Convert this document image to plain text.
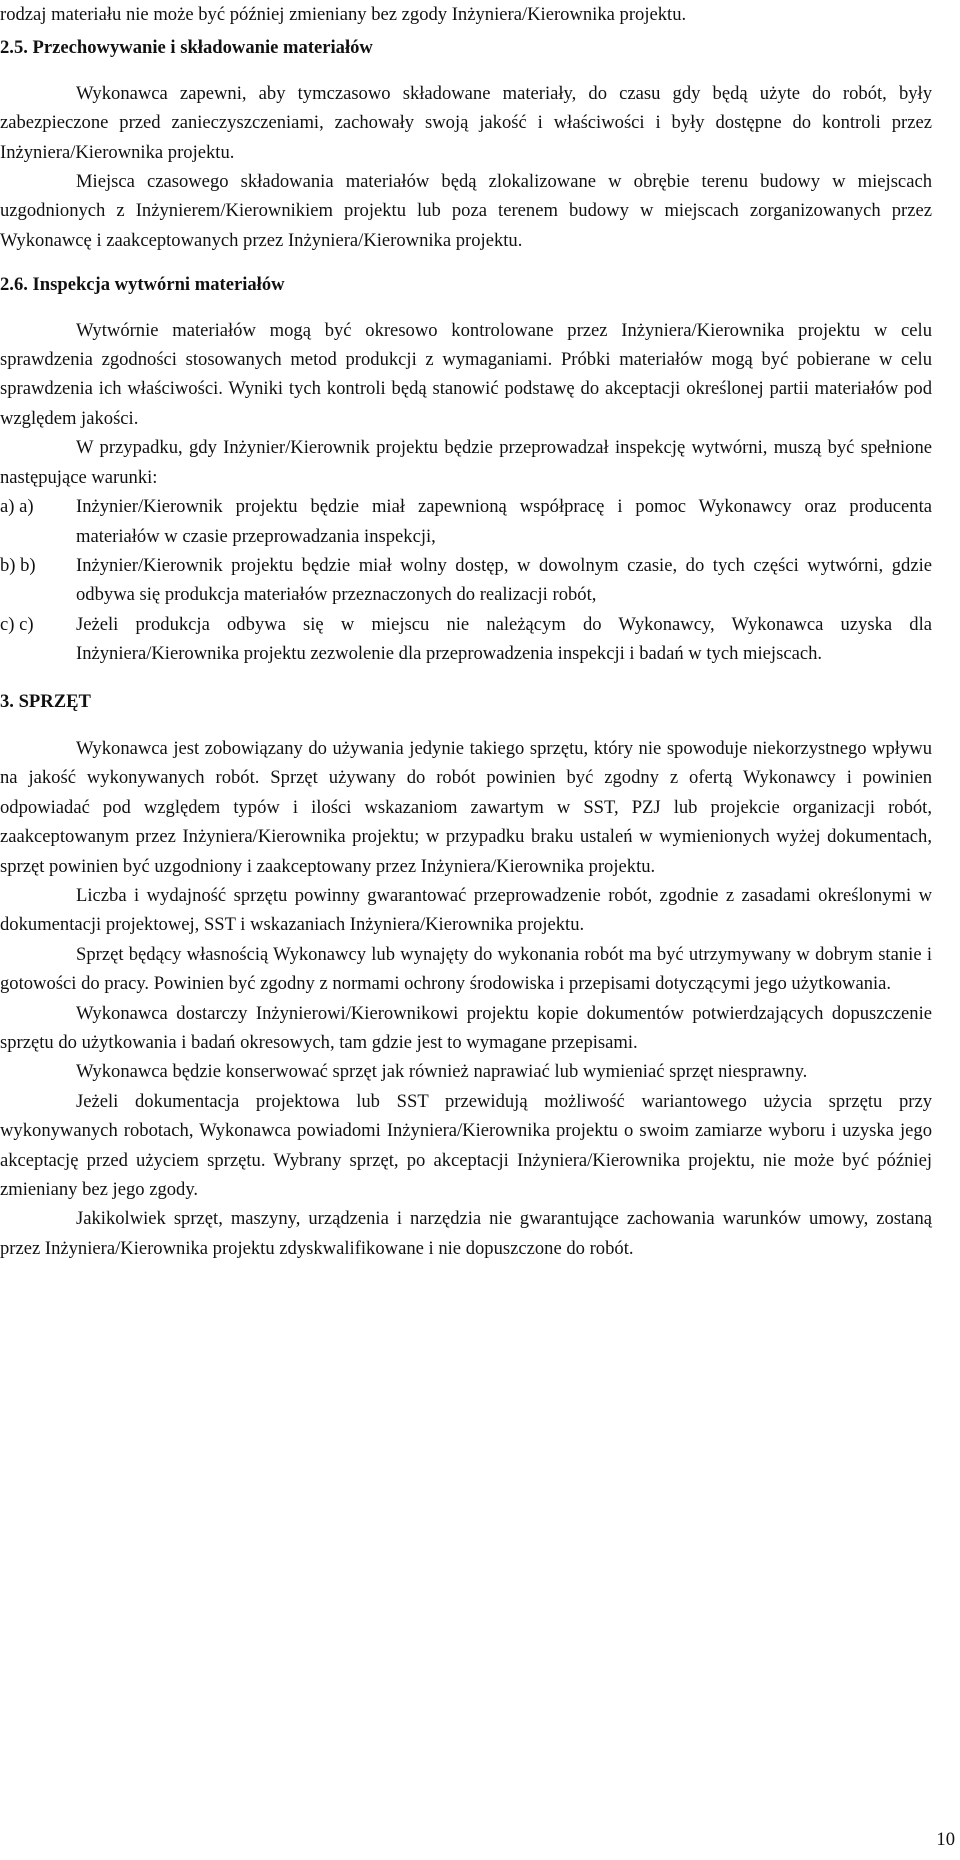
rodzaj materiału nie może być później zmieniany bez zgody Inżyniera/Kierownika projektu.

2.5. Przechowywanie i składowanie materiałów

Wykonawca zapewni, aby tymczasowo składowane materiały, do czasu gdy będą użyte do robót, były zabezpieczone przed zanieczyszczeniami, zachowały swoją jakość i właściwości i były dostępne do kontroli przez Inżyniera/Kierownika projektu.

Miejsca czasowego składowania materiałów będą zlokalizowane w obrębie terenu budowy w miejscach uzgodnionych z Inżynierem/Kierownikiem projektu lub poza terenem budowy w miejscach zorganizowanych przez Wykonawcę i zaakceptowanych przez Inżyniera/Kierownika projektu.

2.6. Inspekcja wytwórni materiałów

Wytwórnie materiałów mogą być okresowo kontrolowane przez Inżyniera/Kierownika projektu w celu sprawdzenia zgodności stosowanych metod produkcji z wymaganiami. Próbki materiałów mogą być pobierane w celu sprawdzenia ich właściwości. Wyniki tych kontroli będą stanowić podstawę do akceptacji określonej partii materiałów pod względem jakości.

W przypadku, gdy Inżynier/Kierownik projektu będzie przeprowadzał inspekcję wytwórni, muszą być spełnione następujące warunki:

a) a)	Inżynier/Kierownik projektu będzie miał zapewnioną współpracę i pomoc Wykonawcy oraz producenta materiałów w czasie przeprowadzania inspekcji,
b) b)	Inżynier/Kierownik projektu będzie miał wolny dostęp, w dowolnym czasie, do tych części wytwórni, gdzie odbywa się produkcja materiałów przeznaczonych do realizacji robót,
c) c)	Jeżeli produkcja odbywa się w miejscu nie należącym do Wykonawcy, Wykonawca uzyska dla Inżyniera/Kierownika projektu zezwolenie dla przeprowadzenia inspekcji i badań w tych miejscach.
3. SPRZĘT

Wykonawca jest zobowiązany do używania jedynie takiego sprzętu, który nie spowoduje niekorzystnego wpływu na jakość wykonywanych robót. Sprzęt używany do robót powinien być zgodny z ofertą Wykonawcy i powinien odpowiadać pod względem typów i ilości wskazaniom zawartym w SST, PZJ lub projekcie organizacji robót, zaakceptowanym przez Inżyniera/Kierownika projektu; w przypadku braku ustaleń w wymienionych wyżej dokumentach, sprzęt powinien być uzgodniony i zaakceptowany przez Inżyniera/Kierownika projektu.

Liczba i wydajność sprzętu powinny gwarantować przeprowadzenie robót, zgodnie z zasadami określonymi w dokumentacji projektowej, SST i wskazaniach Inżyniera/Kierownika projektu.

Sprzęt będący własnością Wykonawcy lub wynajęty do wykonania robót ma być utrzymywany w dobrym stanie i gotowości do pracy. Powinien być zgodny z normami ochrony środowiska i przepisami dotyczącymi jego użytkowania.

Wykonawca dostarczy Inżynierowi/Kierownikowi projektu kopie dokumentów potwierdzających dopuszczenie sprzętu do użytkowania i badań okresowych, tam gdzie jest to wymagane przepisami.

Wykonawca będzie konserwować sprzęt jak również naprawiać lub wymieniać sprzęt niesprawny.

Jeżeli dokumentacja projektowa lub SST przewidują możliwość wariantowego użycia sprzętu przy wykonywanych robotach, Wykonawca powiadomi Inżyniera/Kierownika projektu o swoim zamiarze wyboru i uzyska jego akceptację przed użyciem sprzętu. Wybrany sprzęt, po akceptacji Inżyniera/Kierownika projektu, nie może być później zmieniany bez jego zgody.

Jakikolwiek sprzęt, maszyny, urządzenia i narzędzia nie gwarantujące zachowania warunków umowy, zostaną przez Inżyniera/Kierownika projektu zdyskwalifikowane i nie dopuszczone do robót.

10
